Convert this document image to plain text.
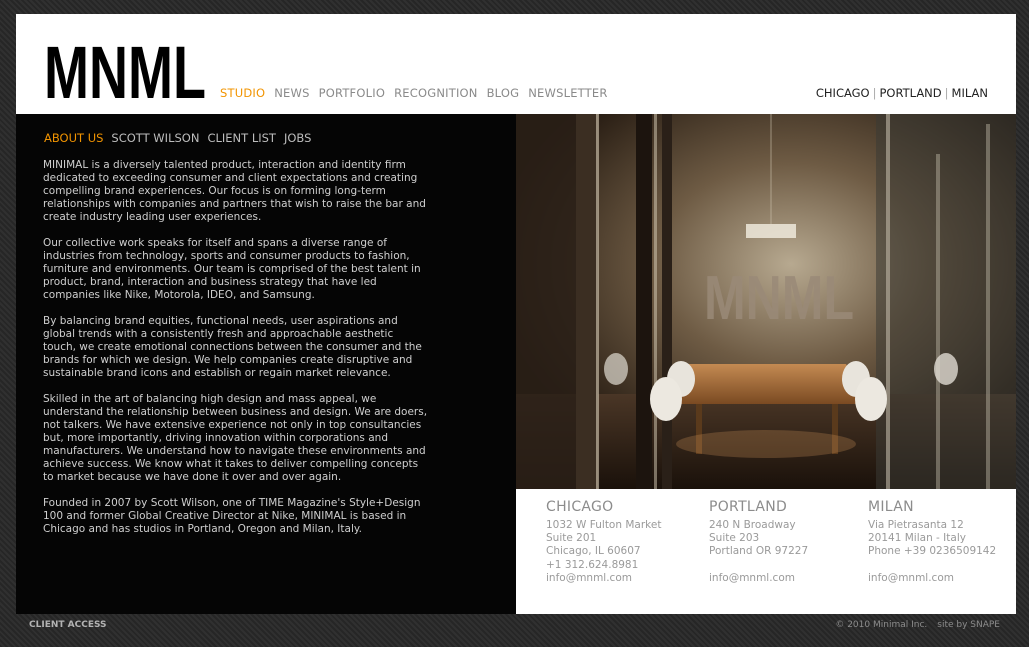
MNML STUDIO NEWS PORTFOLIO RECOGNITION BLOG NEWSLETTER	CHICAGO | PORTLAND | MILAN
ABOUT US SCOTT WILSON CLIENT LIST JOBS

MINIMAL is a diversely talented product, interaction and identity firm dedicated to exceeding consumer and client expectations and creating compelling brand experiences. Our focus is on forming long-term relationships with companies and partners that wish to raise the bar and create industry leading user experiences.

Our collective work speaks for itself and spans a diverse range of industries from technology, sports and consumer products to fashion, furniture and environments. Our team is comprised of the best talent in product, brand, interaction and business strategy that have led companies like Nike, Motorola, IDEO, and Samsung.

By balancing brand equities, functional needs, user aspirations and global trends with a consistently fresh and approachable aesthetic touch, we create emotional connections between the consumer and the brands for which we design. We help companies create disruptive and sustainable brand icons and establish or regain market relevance.

Skilled in the art of balancing high design and mass appeal, we understand the relationship between business and design. We are doers, not talkers. We have extensive experience not only in top consultancies but, more importantly, driving innovation within corporations and manufacturers. We understand how to navigate these environments and achieve success. We know what it takes to deliver compelling concepts to market because we have done it over and over again.

Founded in 2007 by Scott Wilson, one of TIME Magazine's Style+Design 100 and former Global Creative Director at Nike, MINIMAL is based in Chicago and has studios in Portland, Oregon and Milan, Italy.

MNML
CHICAGO
1032 W Fulton Market
Suite 201
Chicago, IL 60607
+1 312.624.8981
info@mnml.com
PORTLAND
240 N Broadway
Suite 203
Portland OR 97227
info@mnml.com
MILAN
Via Pietrasanta 12
20141 Milan - Italy
Phone +39 0236509142
info@mnml.com
CLIENT ACCESS	© 2010 Minimal Inc. site by SNAPE
